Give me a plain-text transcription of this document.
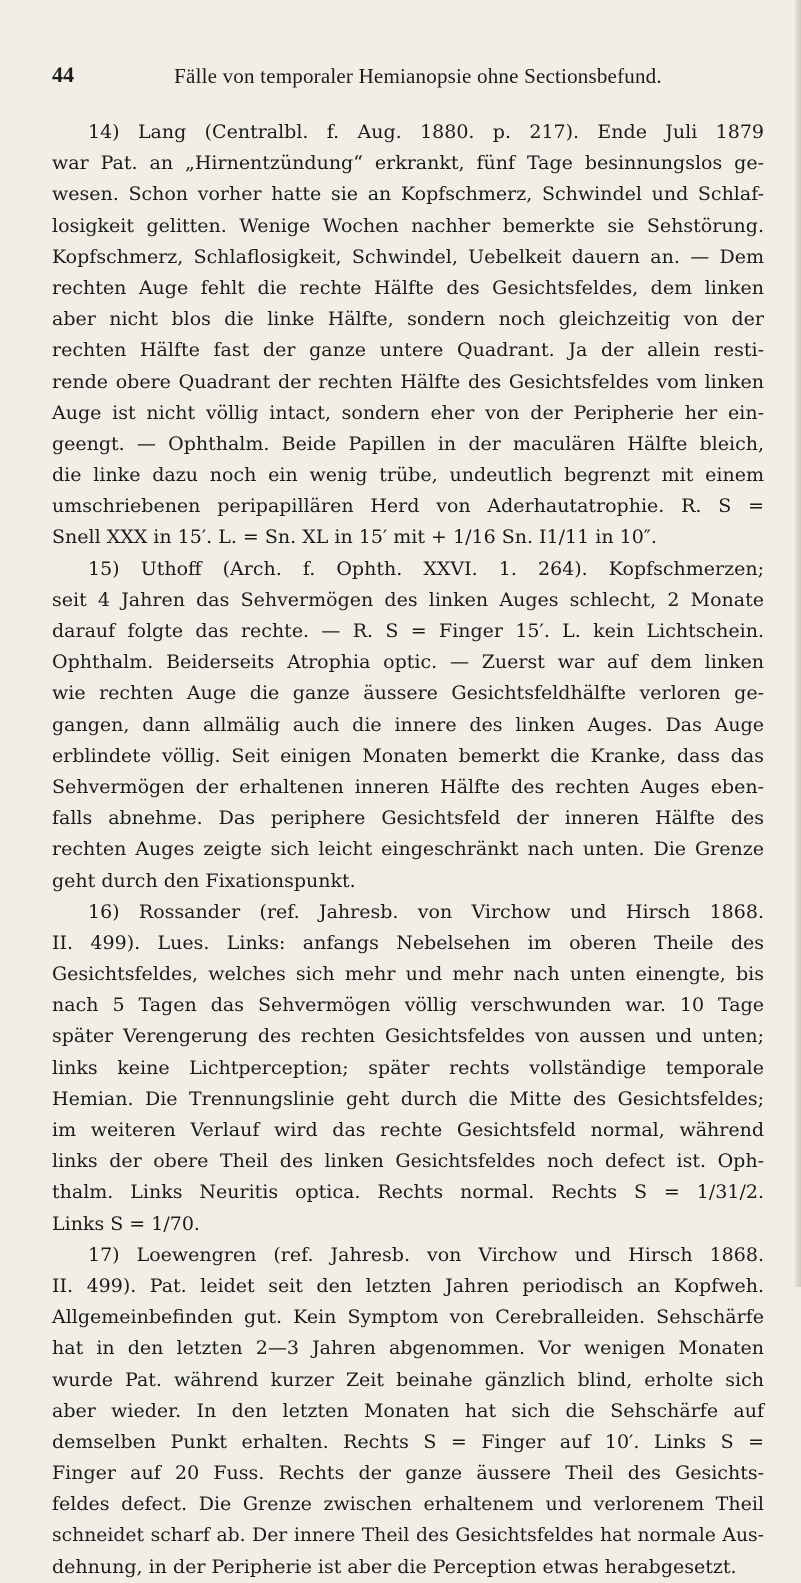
44	Fälle von temporaler Hemianopsie ohne Sectionsbefund.
14) Lang (Centralbl. f. Aug. 1880. p. 217). Ende Juli 1879
war Pat. an „Hirnentzündung“ erkrankt, fünf Tage besinnungslos ge-
wesen. Schon vorher hatte sie an Kopfschmerz, Schwindel und Schlaf-
losigkeit gelitten. Wenige Wochen nachher bemerkte sie Sehstörung.
Kopfschmerz, Schlaflosigkeit, Schwindel, Uebelkeit dauern an. — Dem
rechten Auge fehlt die rechte Hälfte des Gesichtsfeldes, dem linken
aber nicht blos die linke Hälfte, sondern noch gleichzeitig von der
rechten Hälfte fast der ganze untere Quadrant. Ja der allein resti-
rende obere Quadrant der rechten Hälfte des Gesichtsfeldes vom linken
Auge ist nicht völlig intact, sondern eher von der Peripherie her ein-
geengt. — Ophthalm. Beide Papillen in der maculären Hälfte bleich,
die linke dazu noch ein wenig trübe, undeutlich begrenzt mit einem
umschriebenen peripapillären Herd von Aderhautatrophie. R. S =
Snell XXX in 15′. L. = Sn. XL in 15′ mit + 1/16 Sn. I1/11 in 10″.
15) Uthoff (Arch. f. Ophth. XXVI. 1. 264). Kopfschmerzen;
seit 4 Jahren das Sehvermögen des linken Auges schlecht, 2 Monate
darauf folgte das rechte. — R. S = Finger 15′. L. kein Lichtschein.
Ophthalm. Beiderseits Atrophia optic. — Zuerst war auf dem linken
wie rechten Auge die ganze äussere Gesichtsfeldhälfte verloren ge-
gangen, dann allmälig auch die innere des linken Auges. Das Auge
erblindete völlig. Seit einigen Monaten bemerkt die Kranke, dass das
Sehvermögen der erhaltenen inneren Hälfte des rechten Auges eben-
falls abnehme. Das periphere Gesichtsfeld der inneren Hälfte des
rechten Auges zeigte sich leicht eingeschränkt nach unten. Die Grenze
geht durch den Fixationspunkt.
16) Rossander (ref. Jahresb. von Virchow und Hirsch 1868.
II. 499). Lues. Links: anfangs Nebelsehen im oberen Theile des
Gesichtsfeldes, welches sich mehr und mehr nach unten einengte, bis
nach 5 Tagen das Sehvermögen völlig verschwunden war. 10 Tage
später Verengerung des rechten Gesichtsfeldes von aussen und unten;
links keine Lichtperception; später rechts vollständige temporale
Hemian. Die Trennungslinie geht durch die Mitte des Gesichtsfeldes;
im weiteren Verlauf wird das rechte Gesichtsfeld normal, während
links der obere Theil des linken Gesichtsfeldes noch defect ist. Oph-
thalm. Links Neuritis optica. Rechts normal. Rechts S = 1/31/2.
Links S = 1/70.
17) Loewengren (ref. Jahresb. von Virchow und Hirsch 1868.
II. 499). Pat. leidet seit den letzten Jahren periodisch an Kopfweh.
Allgemeinbefinden gut. Kein Symptom von Cerebralleiden. Sehschärfe
hat in den letzten 2—3 Jahren abgenommen. Vor wenigen Monaten
wurde Pat. während kurzer Zeit beinahe gänzlich blind, erholte sich
aber wieder. In den letzten Monaten hat sich die Sehschärfe auf
demselben Punkt erhalten. Rechts S = Finger auf 10′. Links S =
Finger auf 20 Fuss. Rechts der ganze äussere Theil des Gesichts-
feldes defect. Die Grenze zwischen erhaltenem und verlorenem Theil
schneidet scharf ab. Der innere Theil des Gesichtsfeldes hat normale Aus-
dehnung, in der Peripherie ist aber die Perception etwas herabgesetzt.
